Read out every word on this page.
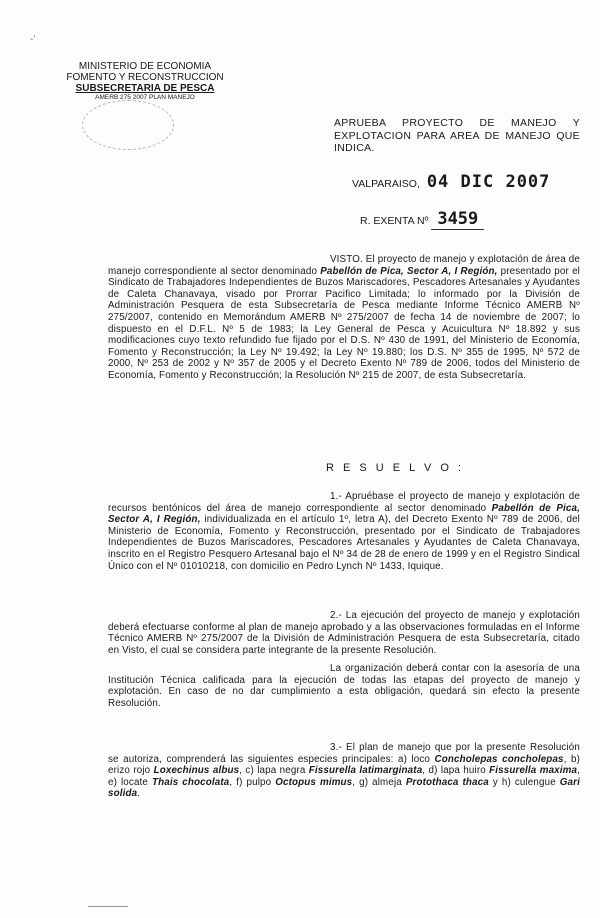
-'
MINISTERIO DE ECONOMIA
FOMENTO Y RECONSTRUCCION
SUBSECRETARIA DE PESCA
AMERB 275 2007 PLAN MANEJO
APRUEBA PROYECTO DE MANEJO Y EXPLOTACION PARA AREA DE MANEJO QUE INDICA.
VALPARAISO, 04 DIC 2007
R. EXENTA Nº 3459

VISTO. El proyecto de manejo y explotación de área de manejo correspondiente al sector denominado Pabellón de Pica, Sector A, I Región, presentado por el Sindicato de Trabajadores Independientes de Buzos Mariscadores, Pescadores Artesanales y Ayudantes de Caleta Chanavaya, visado por Prorrar Pacifico Limitada; lo informado por la División de Administración Pesquera de esta Subsecretaría de Pesca mediante Informe Técnico AMERB Nº 275/2007, contenido en Memorándum AMERB Nº 275/2007 de fecha 14 de noviembre de 2007; lo dispuesto en el D.F.L. Nº 5 de 1983; la Ley General de Pesca y Acuicultura Nº 18.892 y sus modificaciones cuyo texto refundido fue fijado por el D.S. Nº 430 de 1991, del Ministerio de Economía, Fomento y Reconstrucción; la Ley Nº 19.492; la Ley Nº 19.880; los D.S. Nº 355 de 1995, Nº 572 de 2000, Nº 253 de 2002 y Nº 357 de 2005 y el Decreto Exento Nº 789 de 2006, todos del Ministerio de Economía, Fomento y Reconstrucción; la Resolución Nº 215 de 2007, de esta Subsecretaría.

R E S U E L V O :

1.- Apruébase el proyecto de manejo y explotación de recursos bentónicos del área de manejo correspondiente al sector denominado Pabellón de Pica, Sector A, I Región, individualizada en el artículo 1º, letra A), del Decreto Exento Nº 789 de 2006, del Ministerio de Economía, Fomento y Reconstrucción, presentado por el Sindicato de Trabajadores Independientes de Buzos Mariscadores, Pescadores Artesanales y Ayudantes de Caleta Chanavaya, inscrito en el Registro Pesquero Artesanal bajo el Nº 34 de 28 de enero de 1999 y en el Registro Sindical Único con el Nº 01010218, con domicilio en Pedro Lynch Nº 1433, Iquique.

2.- La ejecución del proyecto de manejo y explotación deberá efectuarse conforme al plan de manejo aprobado y a las observaciones formuladas en el Informe Técnico AMERB Nº 275/2007 de la División de Administración Pesquera de esta Subsecretaría, citado en Visto, el cual se considera parte integrante de la presente Resolución.

La organización deberá contar con la asesoría de una Institución Técnica calificada para la ejecución de todas las etapas del proyecto de manejo y explotación. En caso de no dar cumplimiento a esta obligación, quedará sin efecto la presente Resolución.

3.- El plan de manejo que por la presente Resolución se autoriza, comprenderá las siguientes especies principales: a) loco Concholepas concholepas, b) erizo rojo Loxechinus albus, c) lapa negra Fissurella latimarginata, d) lapa huiro Fissurella maxima, e) locate Thais chocolata, f) pulpo Octopus mimus, g) almeja Protothaca thaca y h) culengue Gari solida.
